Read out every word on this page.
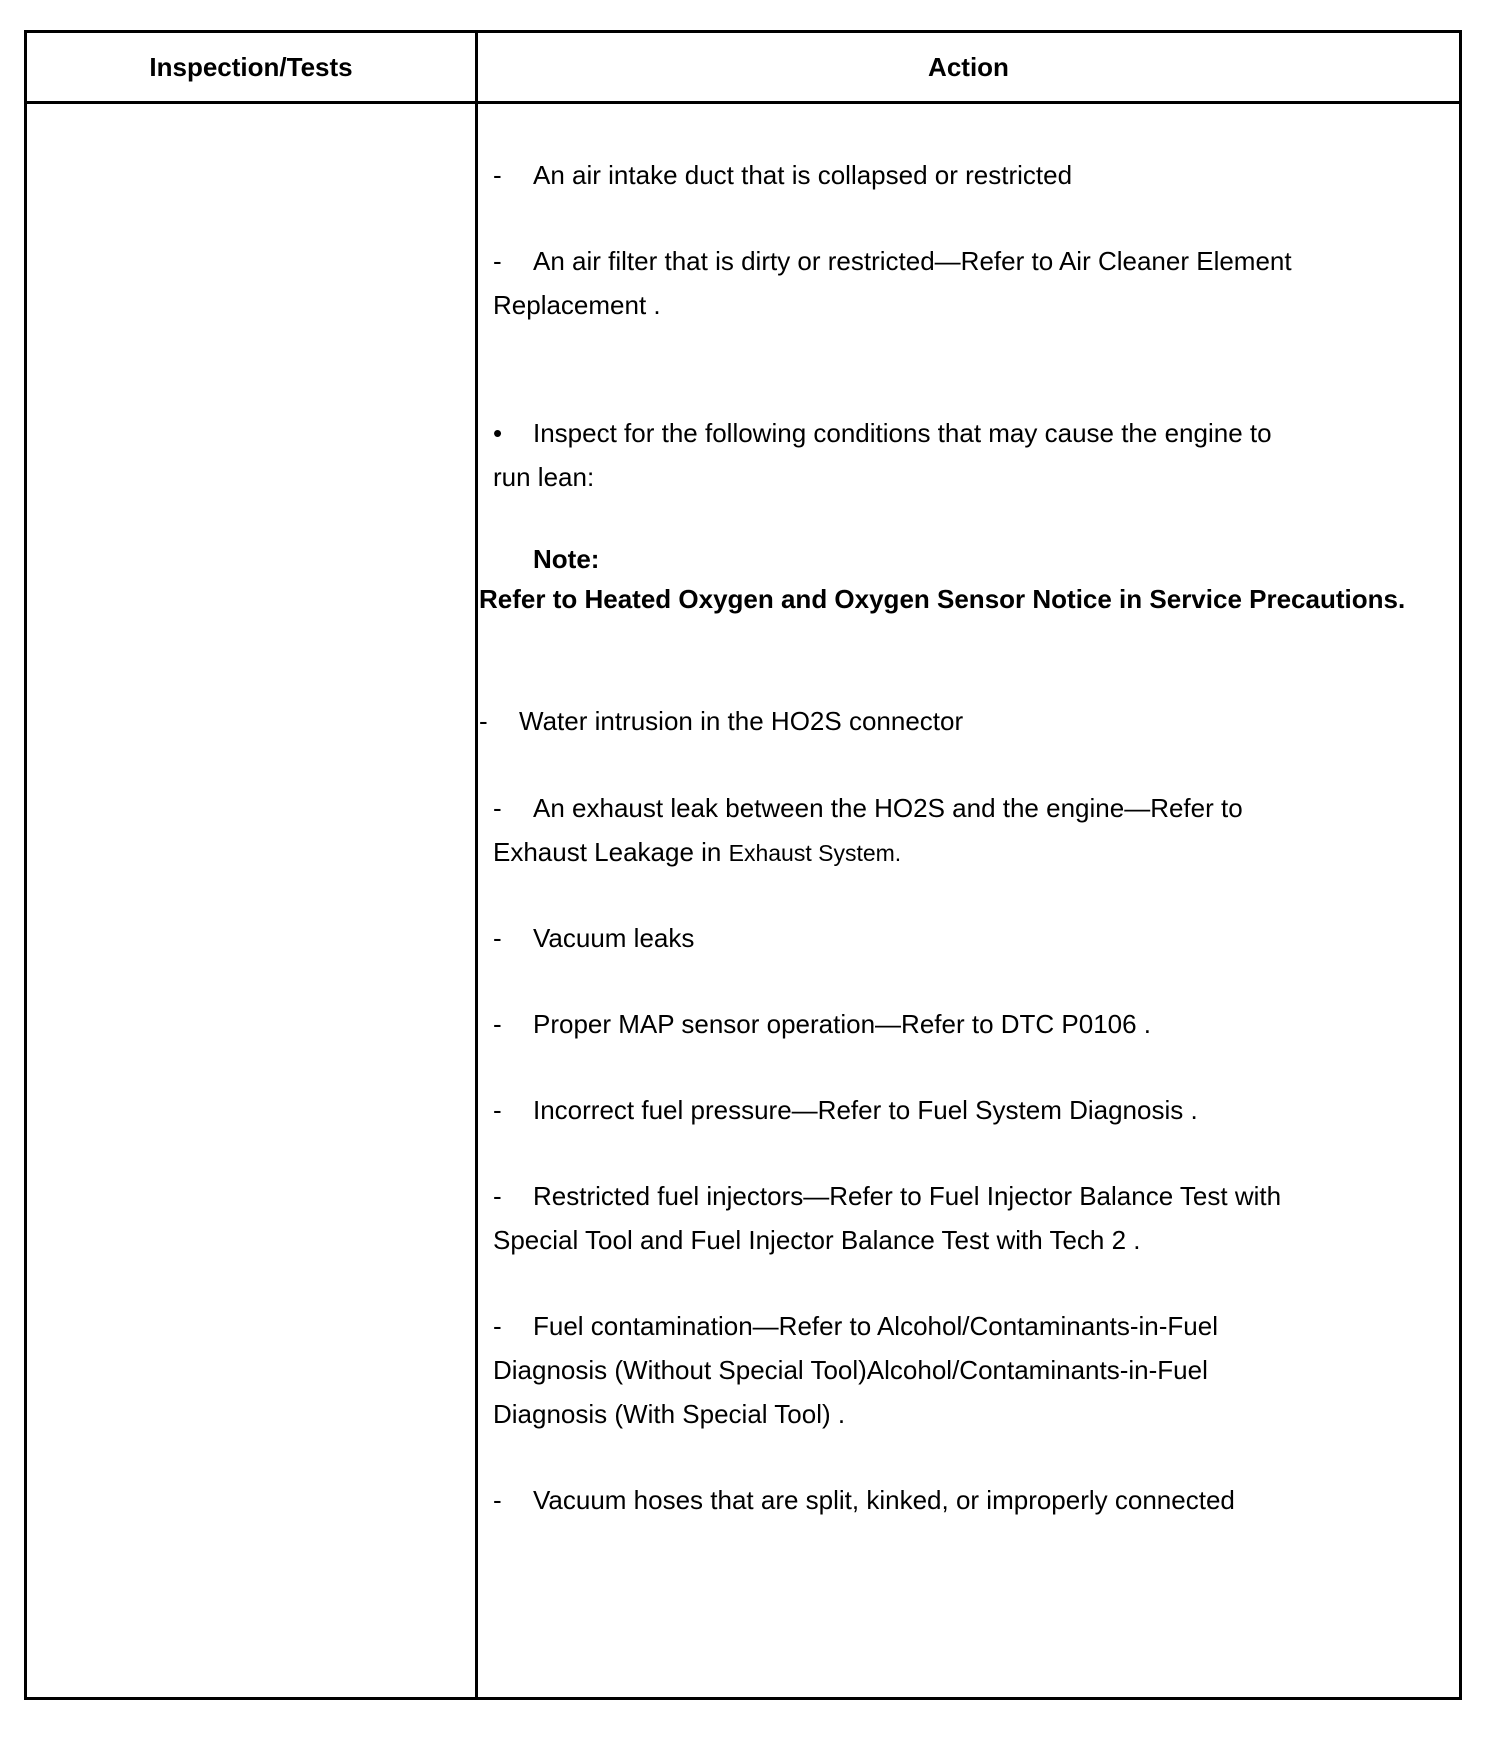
Inspection/Tests	Action
- An air intake duct that is collapsed or restricted
- An air filter that is dirty or restricted—Refer to Air Cleaner Element
Replacement .
• Inspect for the following conditions that may cause the engine to
run lean:
Note:
Refer to Heated Oxygen and Oxygen Sensor Notice in Service Precautions.
- Water intrusion in the HO2S connector
- An exhaust leak between the HO2S and the engine—Refer to
Exhaust Leakage in Exhaust System.
- Vacuum leaks
- Proper MAP sensor operation—Refer to DTC P0106 .
- Incorrect fuel pressure—Refer to Fuel System Diagnosis .
- Restricted fuel injectors—Refer to Fuel Injector Balance Test with
Special Tool and Fuel Injector Balance Test with Tech 2 .
- Fuel contamination—Refer to Alcohol/Contaminants-in-Fuel
Diagnosis (Without Special Tool)Alcohol/Contaminants-in-Fuel
Diagnosis (With Special Tool) .
- Vacuum hoses that are split, kinked, or improperly connected
